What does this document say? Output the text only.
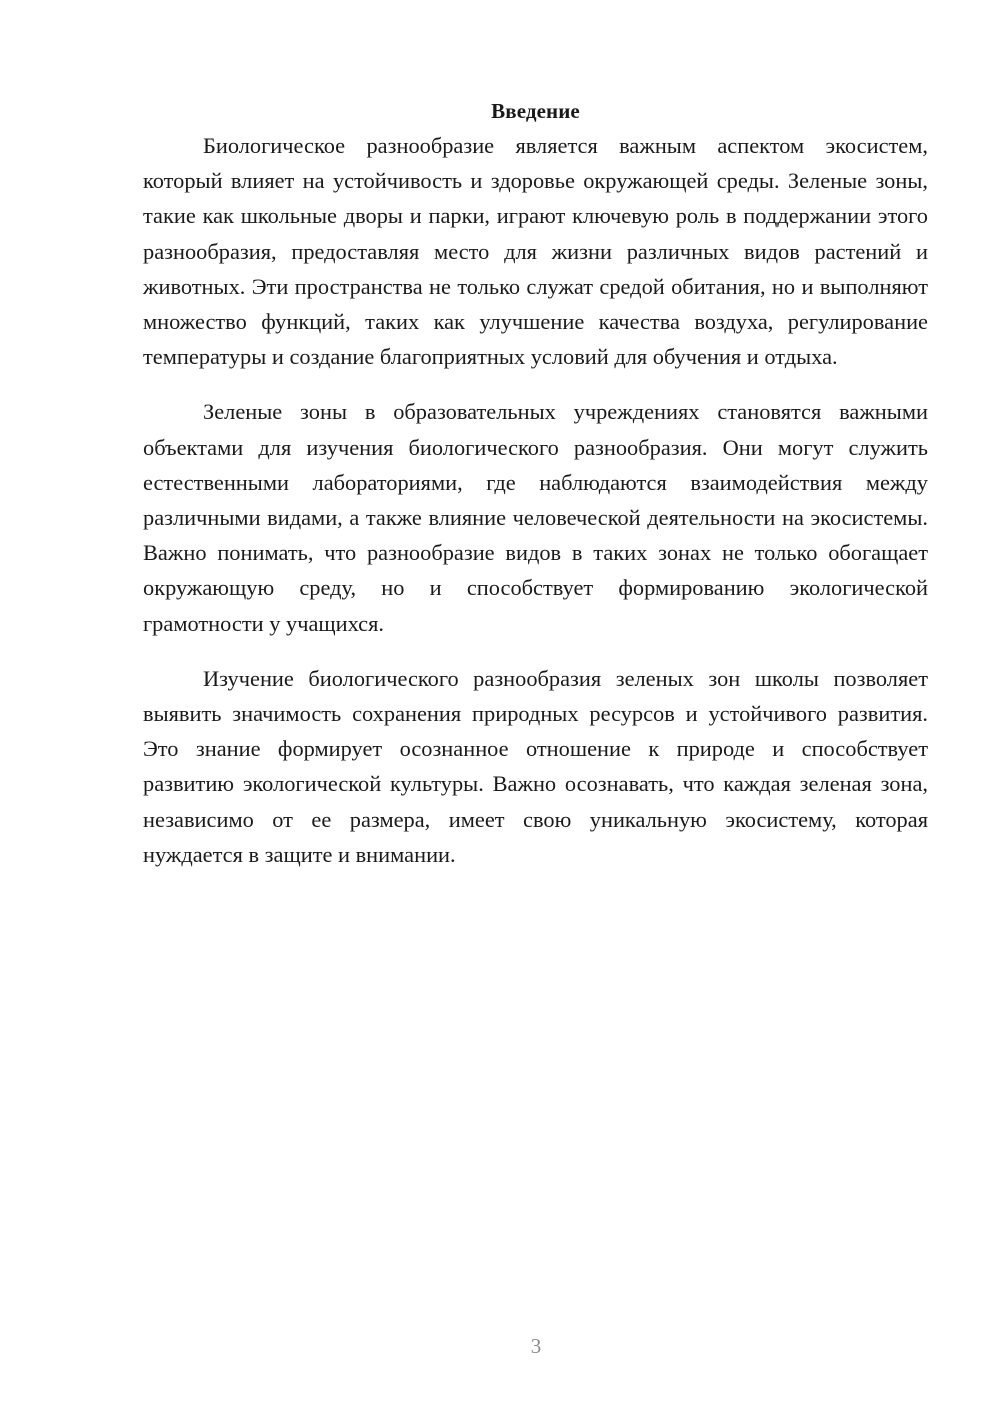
Введение

Биологическое разнообразие является важным аспектом экосистем, который влияет на устойчивость и здоровье окружающей среды. Зеленые зоны, такие как школьные дворы и парки, играют ключевую роль в поддержании этого разнообразия, предоставляя место для жизни различных видов растений и животных. Эти пространства не только служат средой обитания, но и выполняют множество функций, таких как улучшение качества воздуха, регулирование температуры и создание благоприятных условий для обучения и отдыха.

Зеленые зоны в образовательных учреждениях становятся важными объектами для изучения биологического разнообразия. Они могут служить естественными лабораториями, где наблюдаются взаимодействия между различными видами, а также влияние человеческой деятельности на экосистемы. Важно понимать, что разнообразие видов в таких зонах не только обогащает окружающую среду, но и способствует формированию экологической грамотности у учащихся.

Изучение биологического разнообразия зеленых зон школы позволяет выявить значимость сохранения природных ресурсов и устойчивого развития. Это знание формирует осознанное отношение к природе и способствует развитию экологической культуры. Важно осознавать, что каждая зеленая зона, независимо от ее размера, имеет свою уникальную экосистему, которая нуждается в защите и внимании.

3
